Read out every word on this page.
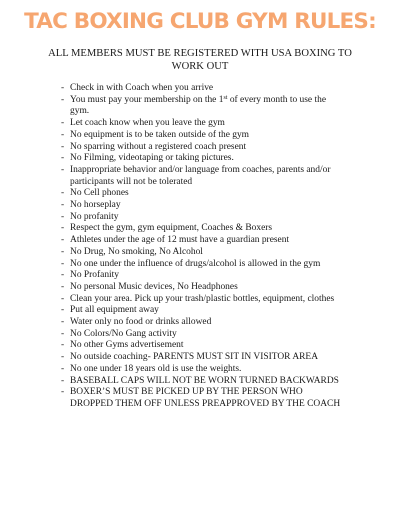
TAC BOXING CLUB GYM RULES:

ALL MEMBERS MUST BE REGISTERED WITH USA BOXING TO
WORK OUT

- Check in with Coach when you arrive
- You must pay your membership on the 1st of every month to use the
gym.
- Let coach know when you leave the gym
- No equipment is to be taken outside of the gym
- No sparring without a registered coach present
- No Filming, videotaping or taking pictures.
- Inappropriate behavior and/or language from coaches, parents and/or
participants will not be tolerated
- No Cell phones
- No horseplay
- No profanity
- Respect the gym, gym equipment, Coaches & Boxers
- Athletes under the age of 12 must have a guardian present
- No Drug, No smoking, No Alcohol
- No one under the influence of drugs/alcohol is allowed in the gym
- No Profanity
- No personal Music devices, No Headphones
- Clean your area. Pick up your trash/plastic bottles, equipment, clothes
- Put all equipment away
- Water only no food or drinks allowed
- No Colors/No Gang activity
- No other Gyms advertisement
- No outside coaching- PARENTS MUST SIT IN VISITOR AREA
- No one under 18 years old is use the weights.
- BASEBALL CAPS WILL NOT BE WORN TURNED BACKWARDS
- BOXER’S MUST BE PICKED UP BY THE PERSON WHO
DROPPED THEM OFF UNLESS PREAPPROVED BY THE COACH
